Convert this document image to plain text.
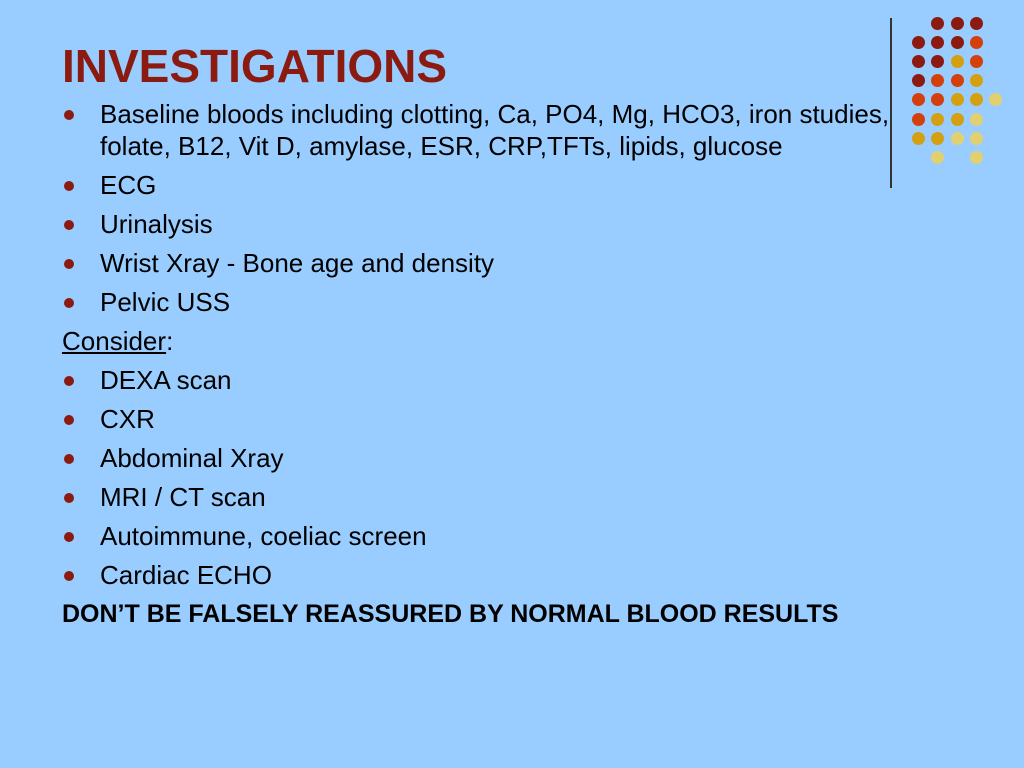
INVESTIGATIONS
Baseline bloods including clotting, Ca, PO4, Mg, HCO3, iron studies, folate, B12, Vit D, amylase, ESR, CRP,TFTs, lipids, glucose
ECG
Urinalysis
Wrist Xray - Bone age and density
Pelvic USS

Consider:

DEXA scan
CXR
Abdominal Xray
MRI / CT scan
Autoimmune, coeliac screen
Cardiac ECHO

DON’T BE FALSELY REASSURED BY NORMAL BLOOD RESULTS
